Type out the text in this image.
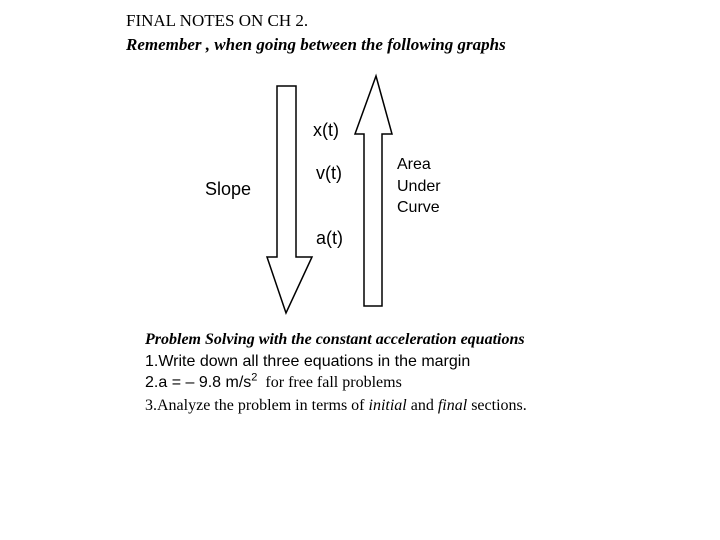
FINAL NOTES ON CH 2.
Remember , when going between the following graphs
x(t)
v(t)
a(t)
Slope
Area
Under
Curve
Problem Solving with the constant acceleration equations
1.Write down all three equations in the margin
2.a = – 9.8 $m/s^2$ for free fall problems
3.Analyze the problem in terms of initial and final sections.
